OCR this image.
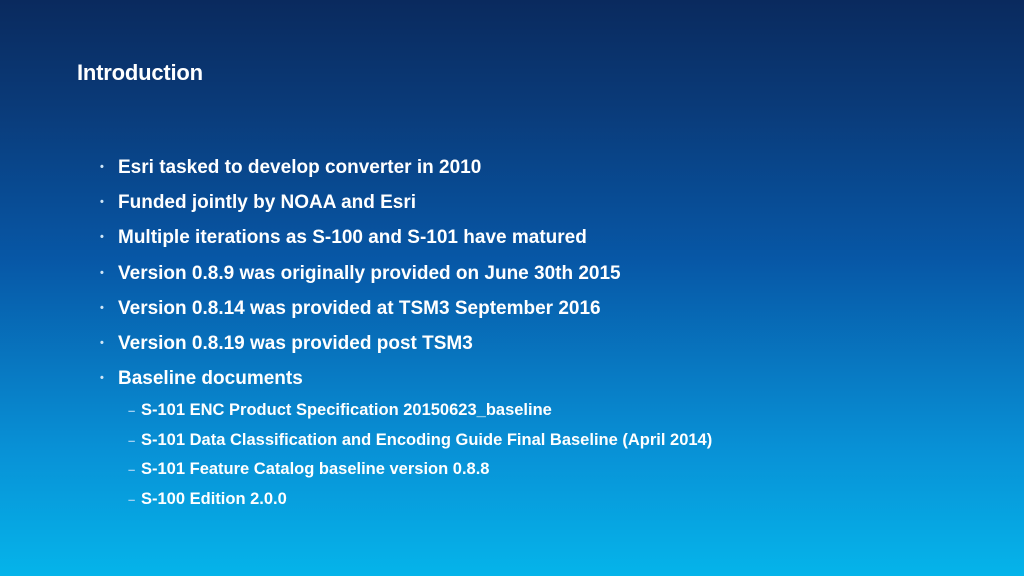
Introduction
• Esri tasked to develop converter in 2010
• Funded jointly by NOAA and Esri
• Multiple iterations as S-100 and S-101 have matured
• Version 0.8.9 was originally provided on June 30th 2015
• Version 0.8.14 was provided at TSM3 September 2016
• Version 0.8.19 was provided post TSM3
• Baseline documents
– S-101 ENC Product Specification 20150623_baseline
– S-101 Data Classification and Encoding Guide Final Baseline (April 2014)
– S-101 Feature Catalog baseline version 0.8.8
– S-100 Edition 2.0.0
